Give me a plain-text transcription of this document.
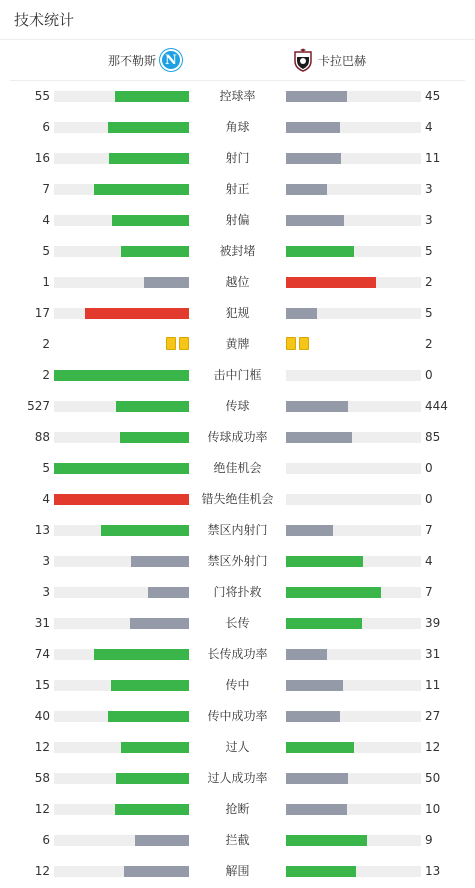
技术统计
那不勒斯 N	卡拉巴赫
55	控球率	45
6	角球	4
16	射门	11
7	射正	3
4	射偏	3
5	被封堵	5
1	越位	2
17	犯规	5
2	黄牌	2
2	击中门框	0
527	传球	444
88	传球成功率	85
5	绝佳机会	0
4	错失绝佳机会	0
13	禁区内射门	7
3	禁区外射门	4
3	门将扑救	7
31	长传	39
74	长传成功率	31
15	传中	11
40	传中成功率	27
12	过人	12
58	过人成功率	50
12	抢断	10
6	拦截	9
12	解围	13
